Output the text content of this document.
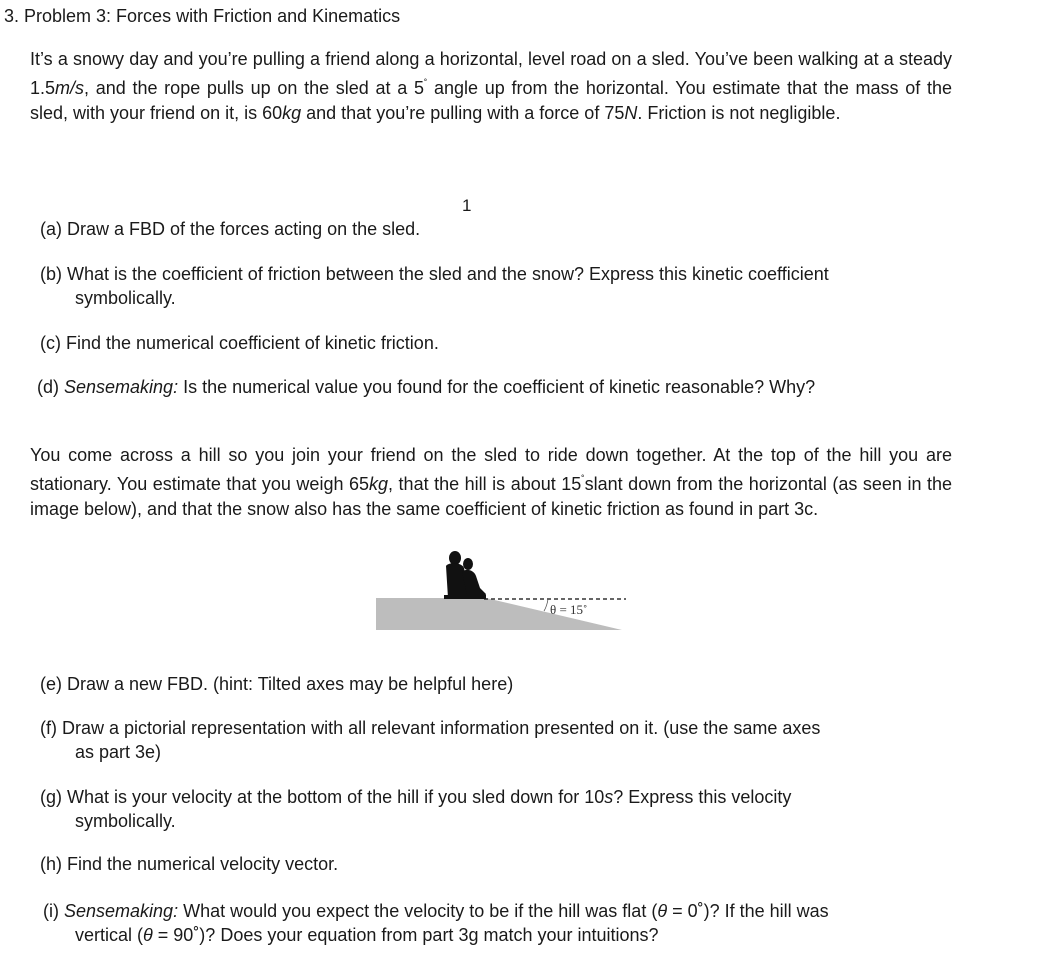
3. Problem 3: Forces with Friction and Kinematics
It’s a snowy day and you’re pulling a friend along a horizontal, level road on a sled. You’ve been walking at a steady 1.5m/s, and the rope pulls up on the sled at a 5˚ angle up from the horizontal. You estimate that the mass of the sled, with your friend on it, is 60kg and that you’re pulling with a force of 75N. Friction is not negligible.
1
(a) Draw a FBD of the forces acting on the sled.
(b) What is the coefficient of friction between the sled and the snow? Express this kinetic coefficient
symbolically.
(c) Find the numerical coefficient of kinetic friction.
(d) Sensemaking: Is the numerical value you found for the coefficient of kinetic reasonable? Why?
You come across a hill so you join your friend on the sled to ride down together. At the top of the hill you are stationary. You estimate that you weigh 65kg, that the hill is about 15˚slant down from the horizontal (as seen in the image below), and that the snow also has the same coefficient of kinetic friction as found in part 3c.
θ = 15˚
(e) Draw a new FBD. (hint: Tilted axes may be helpful here)
(f) Draw a pictorial representation with all relevant information presented on it. (use the same axes
as part 3e)
(g) What is your velocity at the bottom of the hill if you sled down for 10s? Express this velocity
symbolically.
(h) Find the numerical velocity vector.
(i) Sensemaking: What would you expect the velocity to be if the hill was flat (θ = 0˚)? If the hill was
vertical (θ = 90˚)? Does your equation from part 3g match your intuitions?
